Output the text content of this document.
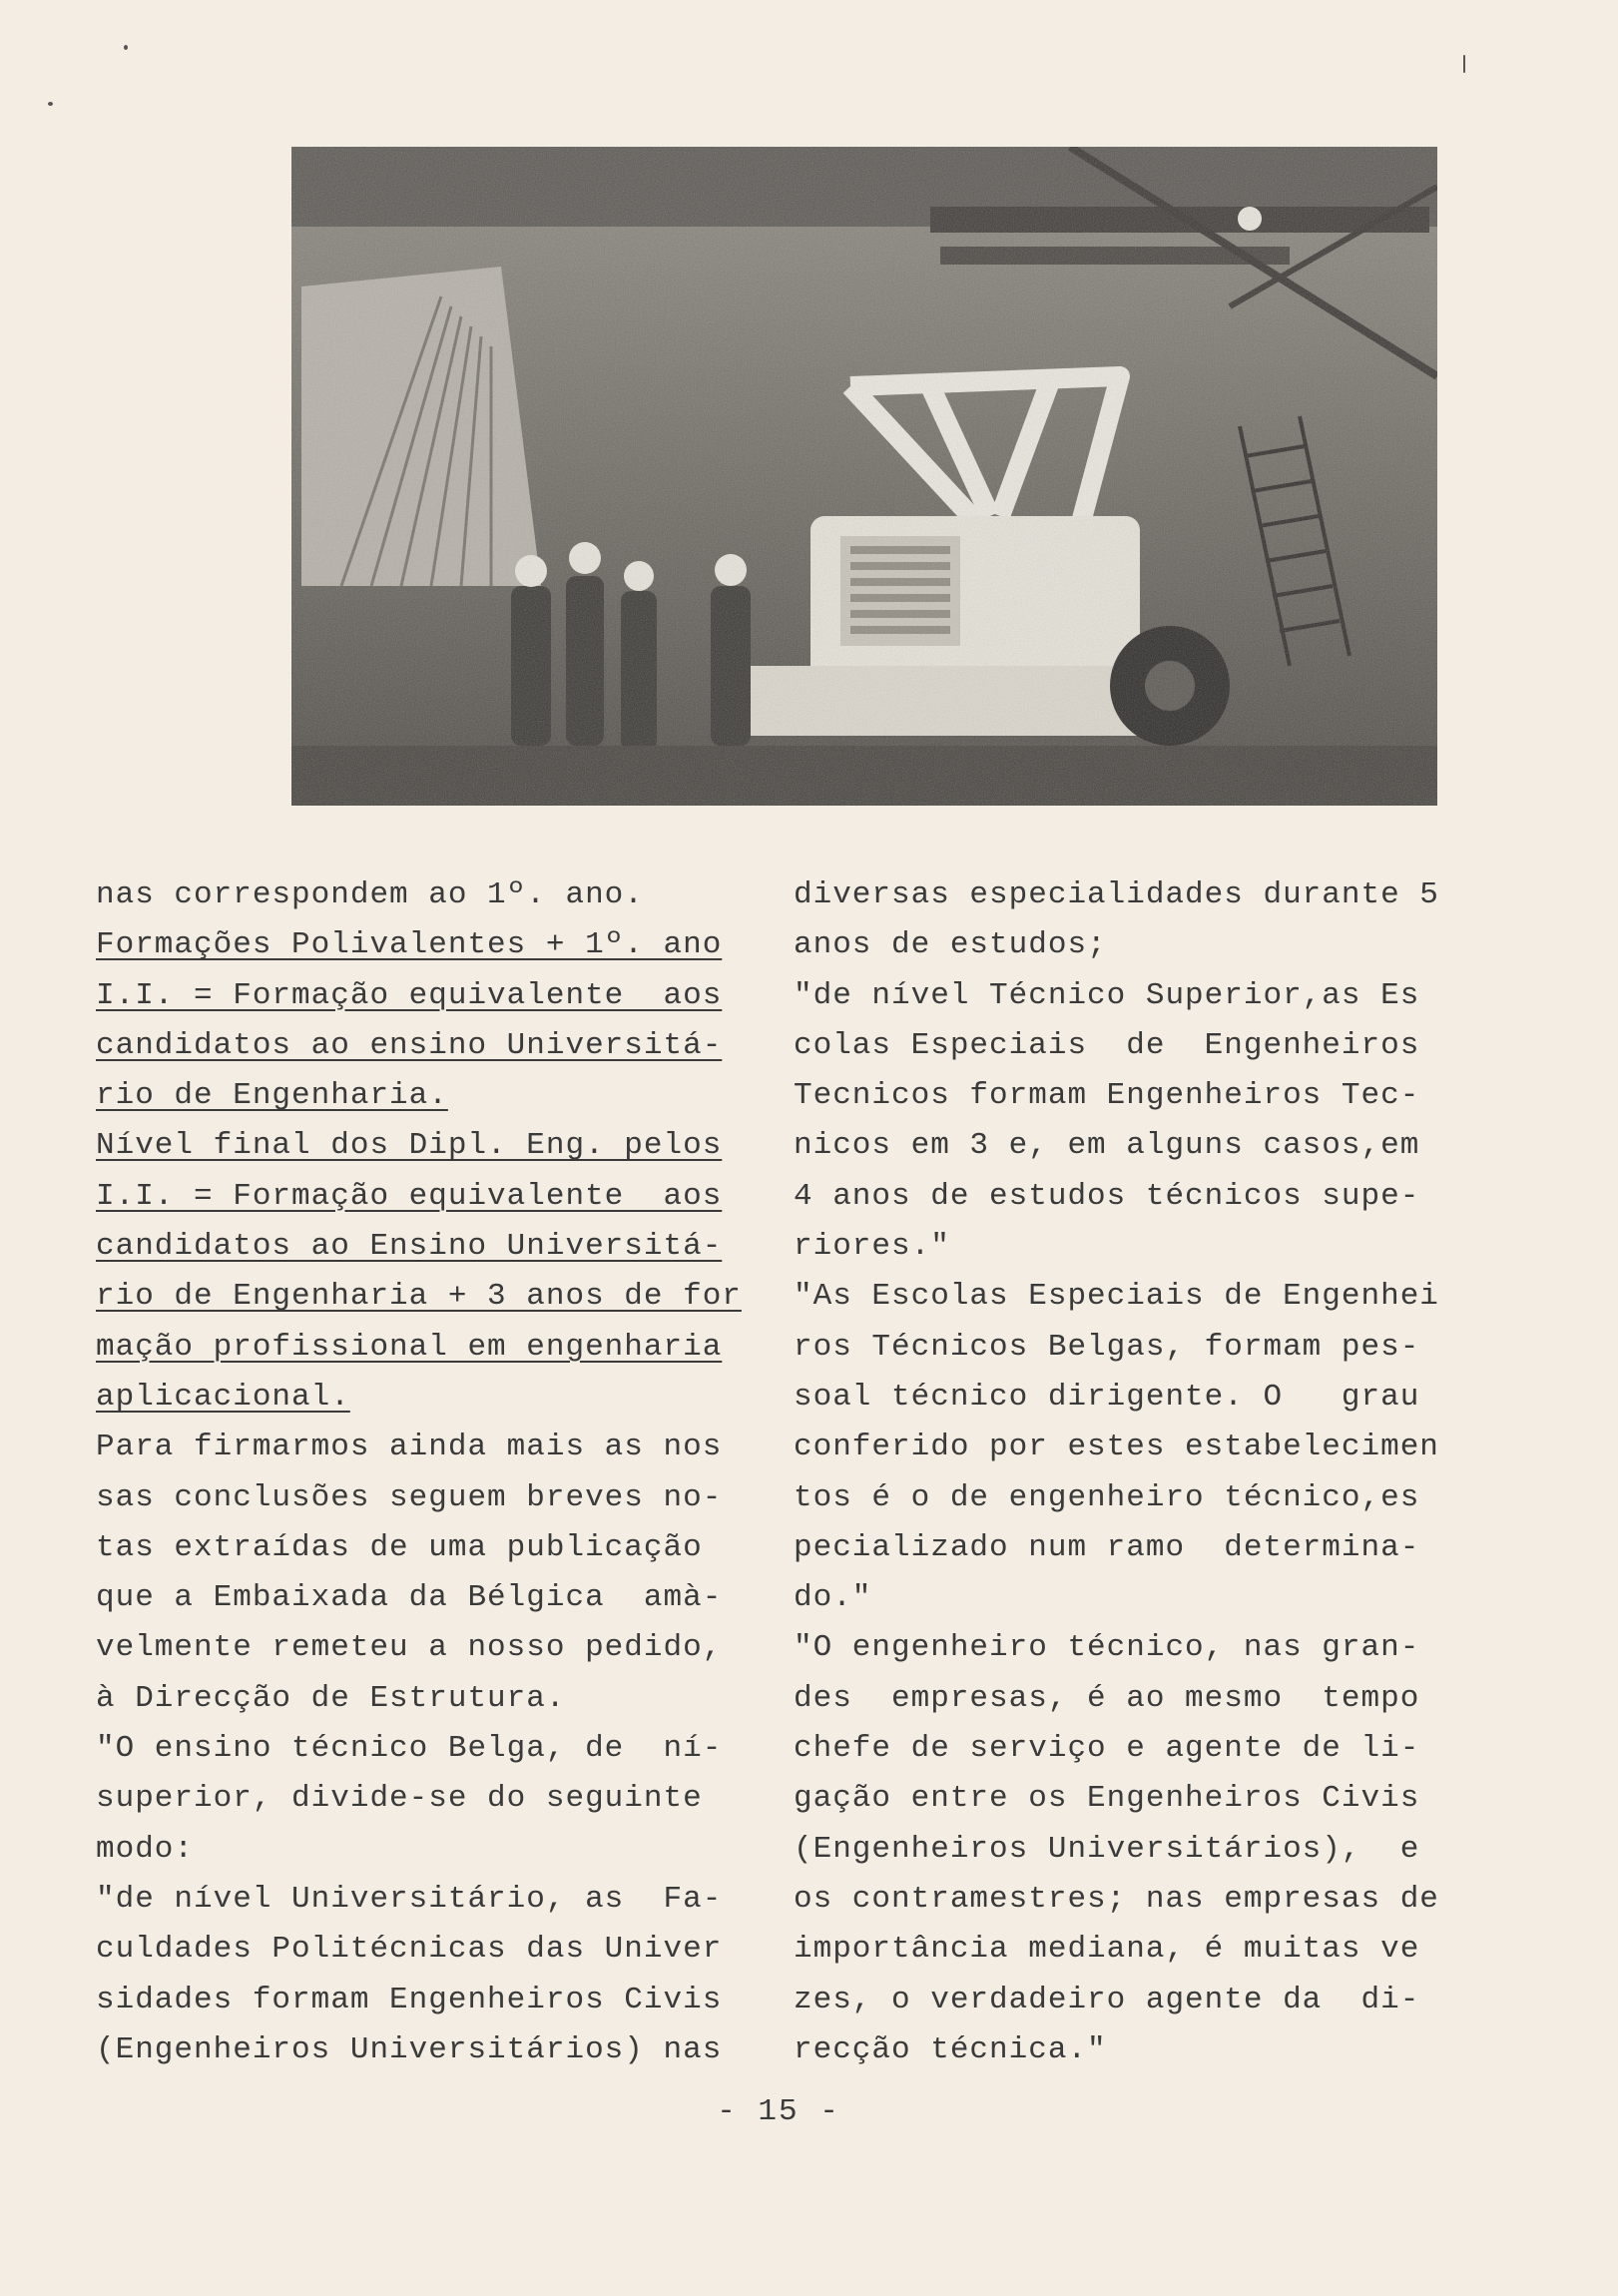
nas correspondem ao 1º. ano.
Formações Polivalentes + 1º. ano
I.I. = Formação equivalente  aos
candidatos ao ensino Universitá-
rio de Engenharia.
Nível final dos Dipl. Eng. pelos
I.I. = Formação equivalente  aos
candidatos ao Ensino Universitá-
rio de Engenharia + 3 anos de for
mação profissional em engenharia
aplicacional.
Para firmarmos ainda mais as nos
sas conclusões seguem breves no-
tas extraídas de uma publicação
que a Embaixada da Bélgica  amà-
velmente remeteu a nosso pedido,
à Direcção de Estrutura.
"O ensino técnico Belga, de  ní-
superior, divide-se do seguinte
modo:
"de nível Universitário, as  Fa-
culdades Politécnicas das Univer
sidades formam Engenheiros Civis
(Engenheiros Universitários) nas
diversas especialidades durante 5
anos de estudos;
"de nível Técnico Superior,as Es
colas Especiais  de  Engenheiros
Tecnicos formam Engenheiros Tec-
nicos em 3 e, em alguns casos,em
4 anos de estudos técnicos supe-
riores."
"As Escolas Especiais de Engenhei
ros Técnicos Belgas, formam pes-
soal técnico dirigente. O   grau
conferido por estes estabelecimen
tos é o de engenheiro técnico,es
pecializado num ramo  determina-
do."
"O engenheiro técnico, nas gran-
des  empresas, é ao mesmo  tempo
chefe de serviço e agente de li-
gação entre os Engenheiros Civis
(Engenheiros Universitários),  e
os contramestres; nas empresas de
importância mediana, é muitas ve
zes, o verdadeiro agente da  di-
recção técnica."
- 15 -
